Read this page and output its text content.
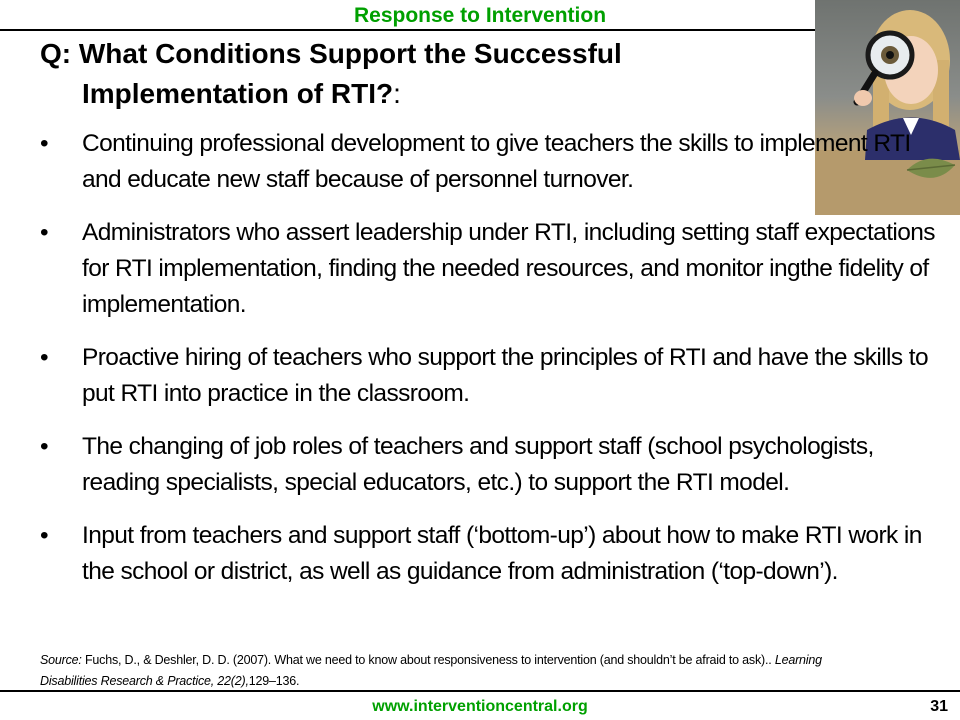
Response to Intervention
Q: What Conditions Support the Successful
Implementation of RTI?:
•	Continuing professional development to give teachers the skills to implement RTI and educate new staff because of personnel turnover.
•	Administrators who assert leadership under RTI, including setting staff expectations for RTI implementation, finding the needed resources, and monitor ingthe fidelity of implementation.
•	Proactive hiring of teachers who support the principles of RTI and have the skills to put RTI into practice in the classroom.
•	The changing of job roles of teachers and support staff (school psychologists, reading specialists, special educators, etc.) to support the RTI model.
•	Input from teachers and support staff (‘bottom-up’) about how to make RTI work in the school or district, as well as guidance from administration (‘top-down’).
Source: Fuchs, D., & Deshler, D. D. (2007). What we need to know about responsiveness to intervention (and shouldn’t be afraid to ask).. Learning Disabilities Research & Practice, 22(2),129–136.
www.interventioncentral.org	31
